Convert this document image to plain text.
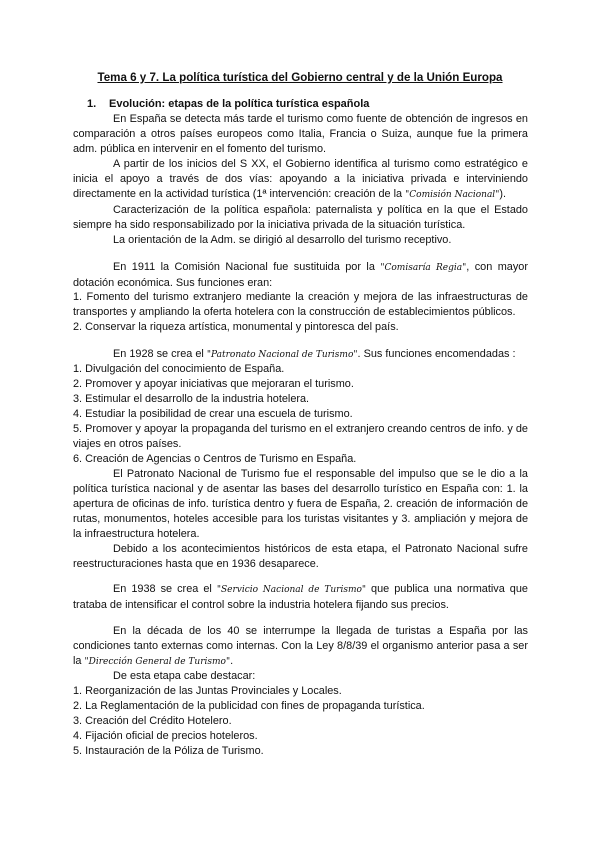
Tema 6 y 7. La política turística del Gobierno central y de la Unión Europa
1. Evolución: etapas de la política turística española
En España se detecta más tarde el turismo como fuente de obtención de ingresos en comparación a otros países europeos como Italia, Francia o Suiza, aunque fue la primera adm. pública en intervenir en el fomento del turismo.
A partir de los inicios del S XX, el Gobierno identifica al turismo como estratégico e inicia el apoyo a través de dos vías: apoyando a la iniciativa privada e interviniendo directamente en la actividad turística (1ª intervención: creación de la "Comisión Nacional").
Caracterización de la política española: paternalista y política en la que el Estado siempre ha sido responsabilizado por la iniciativa privada de la situación turística.
La orientación de la Adm. se dirigió al desarrollo del turismo receptivo.
En 1911 la Comisión Nacional fue sustituida por la "Comisaría Regia", con mayor dotación económica. Sus funciones eran:
1. Fomento del turismo extranjero mediante la creación y mejora de las infraestructuras de transportes y ampliando la oferta hotelera con la construcción de establecimientos públicos.
2. Conservar la riqueza artística, monumental y pintoresca del país.
En 1928 se crea el "Patronato Nacional de Turismo". Sus funciones encomendadas :
1. Divulgación del conocimiento de España.
2. Promover y apoyar iniciativas que mejoraran el turismo.
3. Estimular el desarrollo de la industria hotelera.
4. Estudiar la posibilidad de crear una escuela de turismo.
5. Promover y apoyar la propaganda del turismo en el extranjero creando centros de info. y de viajes en otros países.
6. Creación de Agencias o Centros de Turismo en España.
El Patronato Nacional de Turismo fue el responsable del impulso que se le dio a la política turística nacional y de asentar las bases del desarrollo turístico en España con: 1. la apertura de oficinas de info. turística dentro y fuera de España, 2. creación de información de rutas, monumentos, hoteles accesible para los turistas visitantes y 3. ampliación y mejora de la infraestructura hotelera.
Debido a los acontecimientos históricos de esta etapa, el Patronato Nacional sufre reestructuraciones hasta que en 1936 desaparece.
En 1938 se crea el "Servicio Nacional de Turismo" que publica una normativa que trataba de intensificar el control sobre la industria hotelera fijando sus precios.
En la década de los 40 se interrumpe la llegada de turistas a España por las condiciones tanto externas como internas. Con la Ley 8/8/39 el organismo anterior pasa a ser la "Dirección General de Turismo".
De esta etapa cabe destacar:
1. Reorganización de las Juntas Provinciales y Locales.
2. La Reglamentación de la publicidad con fines de propaganda turística.
3. Creación del Crédito Hotelero.
4. Fijación oficial de precios hoteleros.
5. Instauración de la Póliza de Turismo.
